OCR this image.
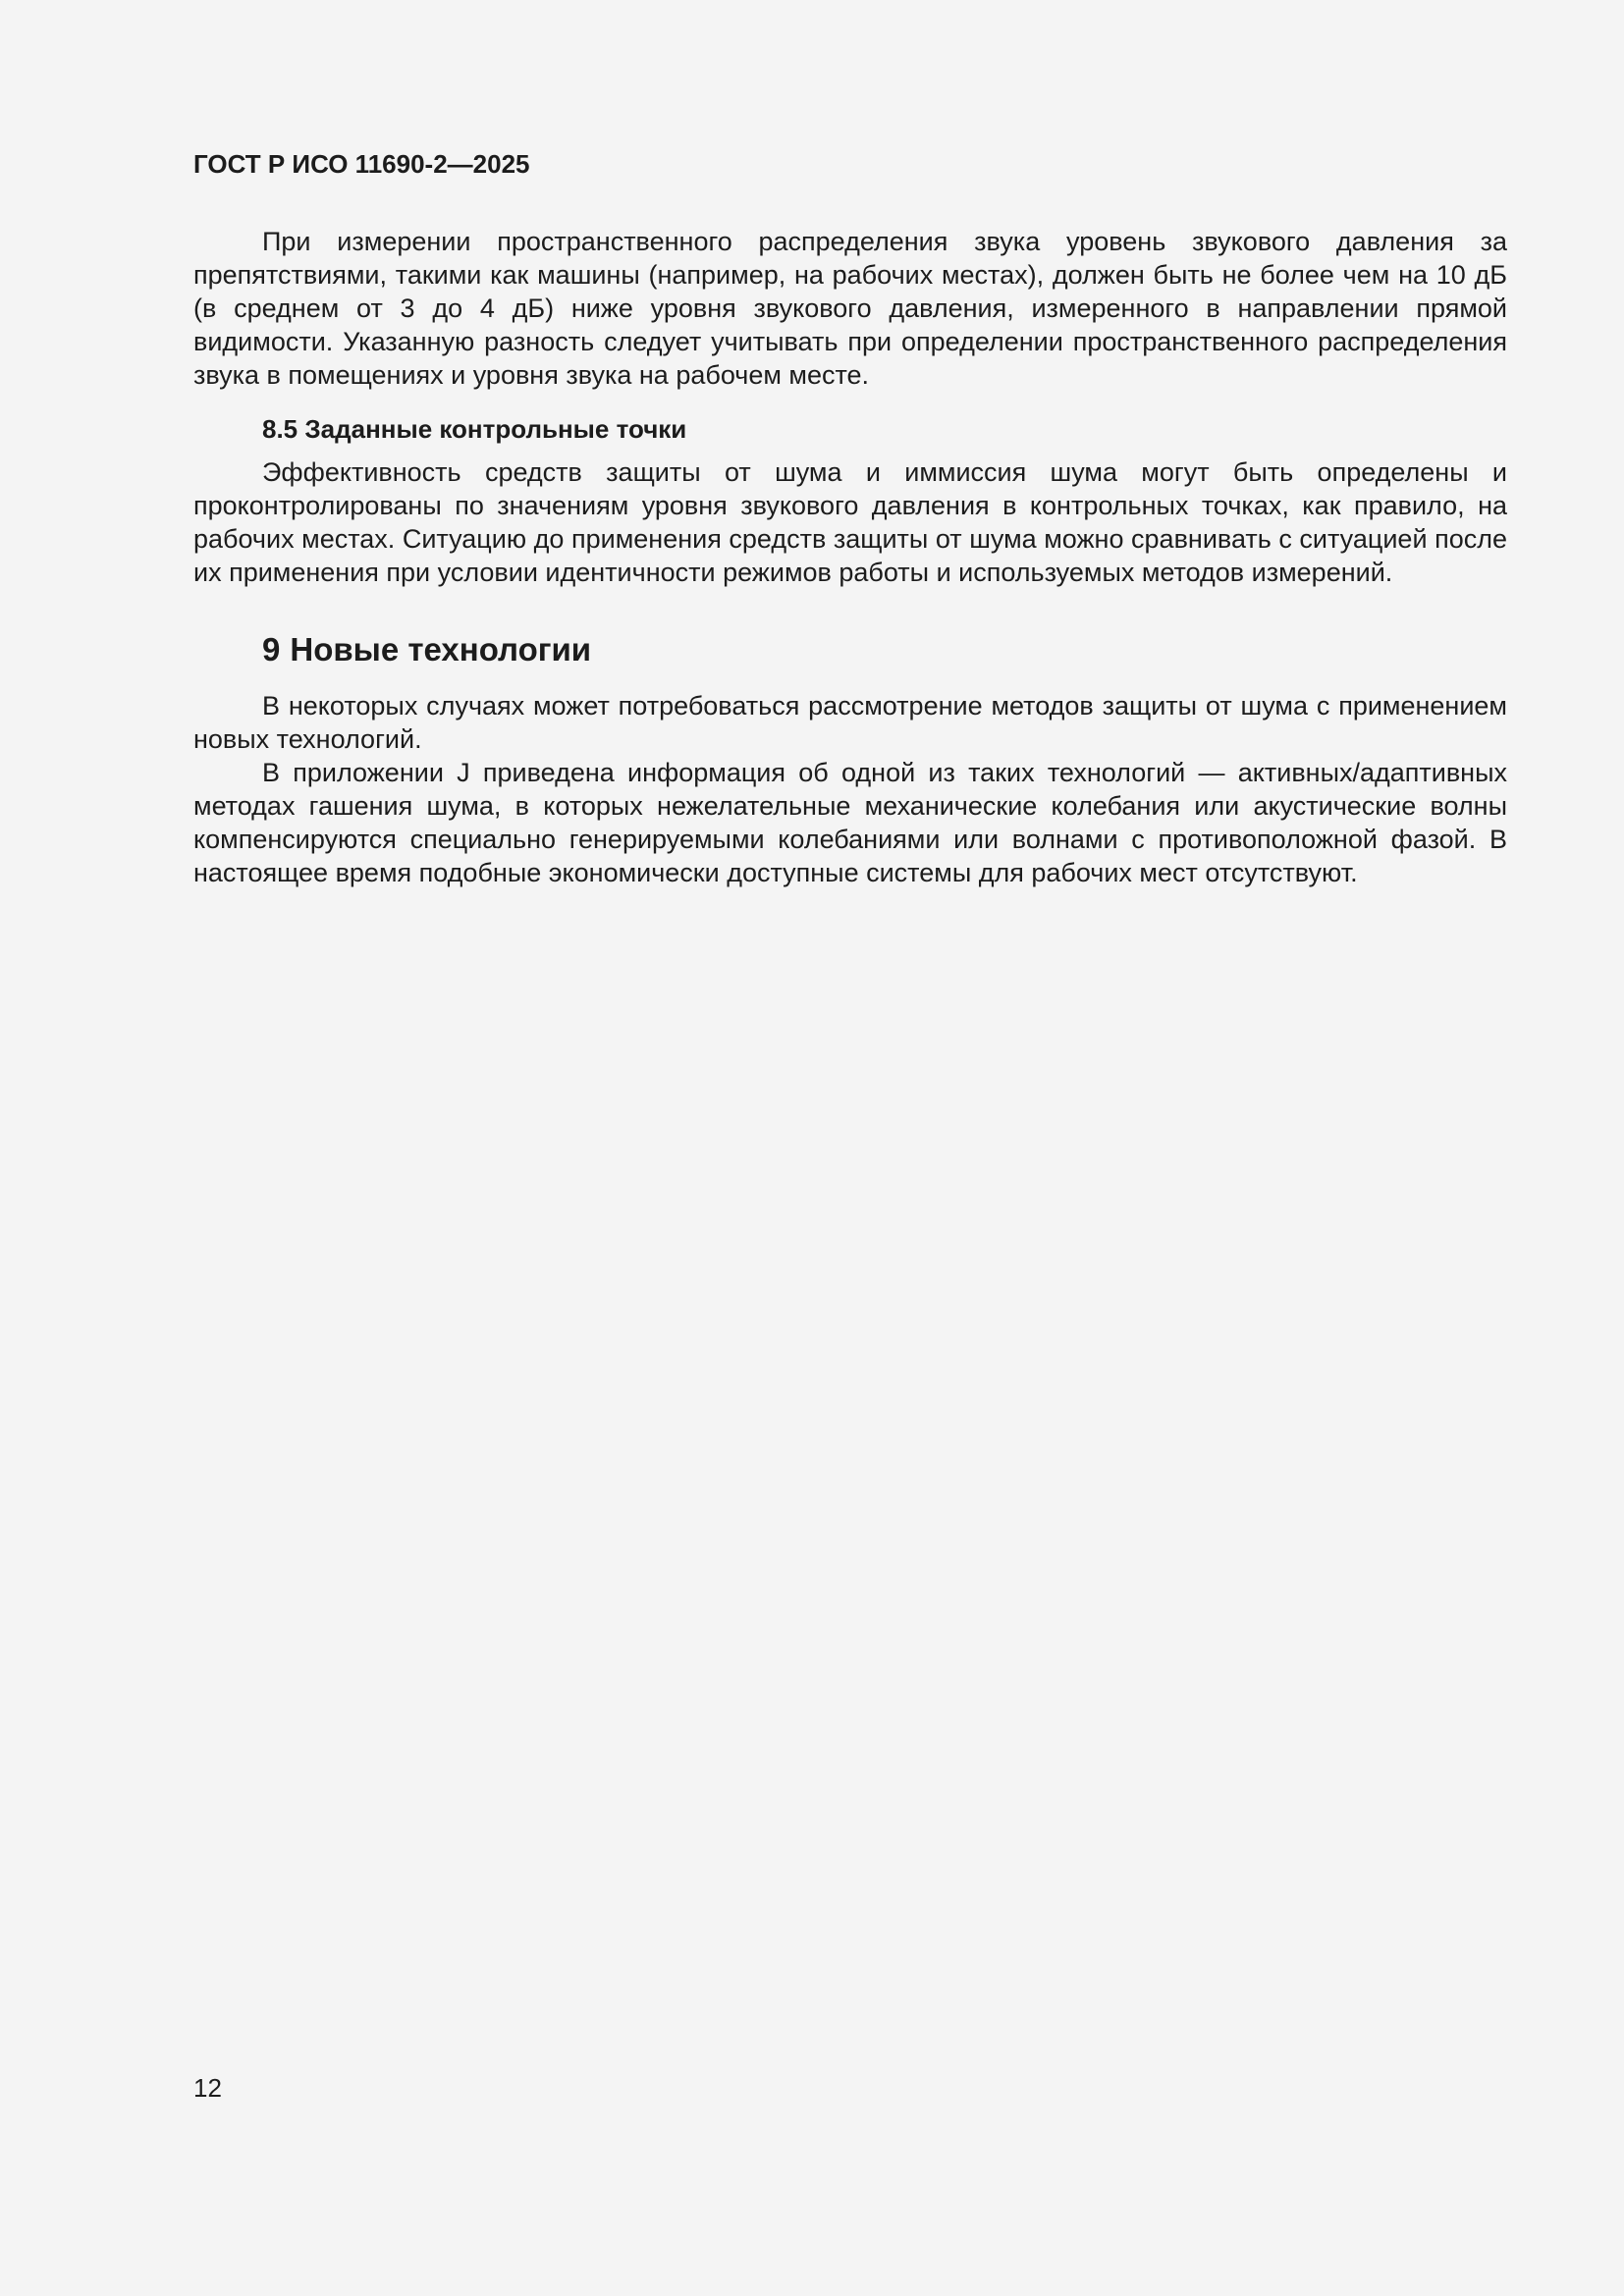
ГОСТ Р ИСО 11690-2—2025

При измерении пространственного распределения звука уровень звукового давления за препятствиями, такими как машины (например, на рабочих местах), должен быть не более чем на 10 дБ (в среднем от 3 до 4 дБ) ниже уровня звукового давления, измеренного в направлении прямой видимости. Указанную разность следует учитывать при определении пространственного распределения звука в помещениях и уровня звука на рабочем месте.

8.5 Заданные контрольные точки

Эффективность средств защиты от шума и иммиссия шума могут быть определены и проконтролированы по значениям уровня звукового давления в контрольных точках, как правило, на рабочих местах. Ситуацию до применения средств защиты от шума можно сравнивать с ситуацией после их применения при условии идентичности режимов работы и используемых методов измерений.

9 Новые технологии

В некоторых случаях может потребоваться рассмотрение методов защиты от шума с применением новых технологий.

В приложении J приведена информация об одной из таких технологий — активных/адаптивных методах гашения шума, в которых нежелательные механические колебания или акустические волны компенсируются специально генерируемыми колебаниями или волнами с противоположной фазой. В настоящее время подобные экономически доступные системы для рабочих мест отсутствуют.

12
